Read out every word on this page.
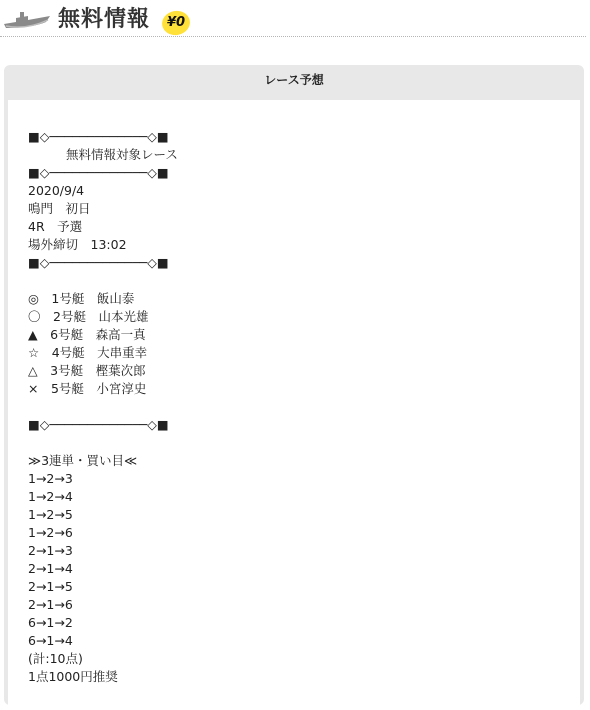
無料情報 ¥0
レース予想
■◇─────────────◇■
無料情報対象レース
■◇─────────────◇■
2020/9/4
鳴門　初日
4R　予選
場外締切　13:02
■◇─────────────◇■
◎　1号艇　飯山泰
〇　2号艇　山本光雄
▲　6号艇　森高一真
☆　4号艇　大串重幸
△　3号艇　樫葉次郎
×　5号艇　小宮淳史
■◇─────────────◇■
≫3連単・買い目≪
1→2→3
1→2→4
1→2→5
1→2→6
2→1→3
2→1→4
2→1→5
2→1→6
6→1→2
6→1→4
(計:10点)
1点1000円推奨
